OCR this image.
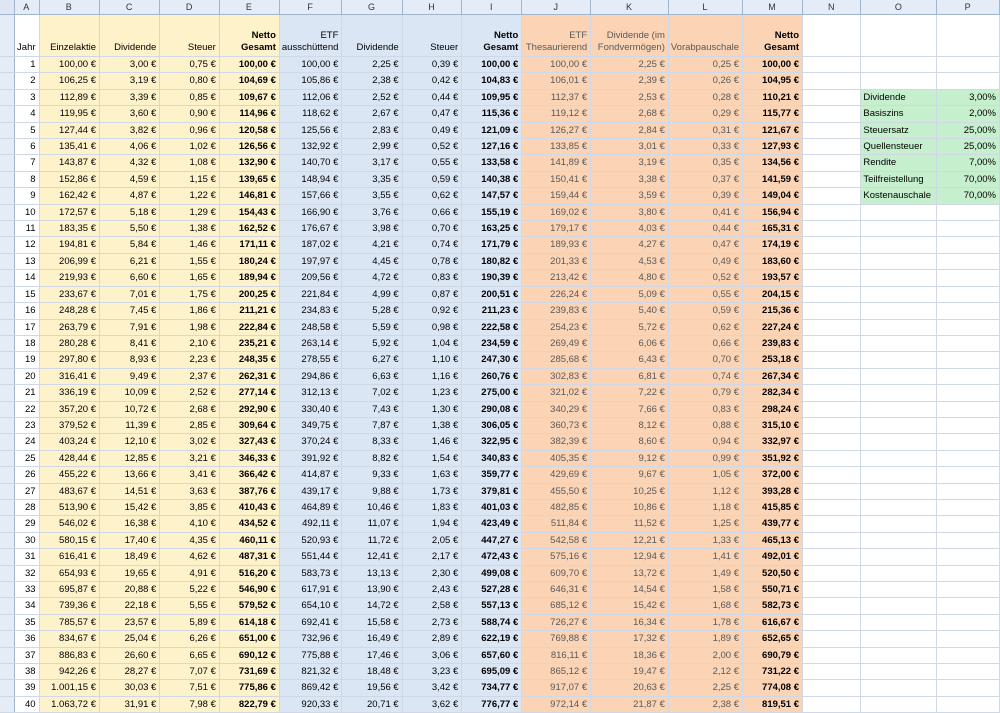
	A	B	C	D	E	F	G	H	I	J	K	L	M	N	O	P
	Jahr	Einzelaktie	Dividende	Steuer	Netto Gesamt	ETF ausschüttend	Dividende	Steuer	Netto Gesamt	ETF Thesaurierend	Dividende (im Fondvermögen)	Vorabpauschale	Netto Gesamt			
	1	100,00 €	3,00 €	0,75 €	100,00 €	100,00 €	2,25 €	0,39 €	100,00 €	100,00 €	2,25 €	0,25 €	100,00 €			
	2	106,25 €	3,19 €	0,80 €	104,69 €	105,86 €	2,38 €	0,42 €	104,83 €	106,01 €	2,39 €	0,26 €	104,95 €			
	3	112,89 €	3,39 €	0,85 €	109,67 €	112,06 €	2,52 €	0,44 €	109,95 €	112,37 €	2,53 €	0,28 €	110,21 €		Dividende	3,00%
	4	119,95 €	3,60 €	0,90 €	114,96 €	118,62 €	2,67 €	0,47 €	115,36 €	119,12 €	2,68 €	0,29 €	115,77 €		Basiszins	2,00%
	5	127,44 €	3,82 €	0,96 €	120,58 €	125,56 €	2,83 €	0,49 €	121,09 €	126,27 €	2,84 €	0,31 €	121,67 €		Steuersatz	25,00%
	6	135,41 €	4,06 €	1,02 €	126,56 €	132,92 €	2,99 €	0,52 €	127,16 €	133,85 €	3,01 €	0,33 €	127,93 €		Quellensteuer	25,00%
	7	143,87 €	4,32 €	1,08 €	132,90 €	140,70 €	3,17 €	0,55 €	133,58 €	141,89 €	3,19 €	0,35 €	134,56 €		Rendite	7,00%
	8	152,86 €	4,59 €	1,15 €	139,65 €	148,94 €	3,35 €	0,59 €	140,38 €	150,41 €	3,38 €	0,37 €	141,59 €		Teilfreistellung	70,00%
	9	162,42 €	4,87 €	1,22 €	146,81 €	157,66 €	3,55 €	0,62 €	147,57 €	159,44 €	3,59 €	0,39 €	149,04 €		Kostenauschale	70,00%
	10	172,57 €	5,18 €	1,29 €	154,43 €	166,90 €	3,76 €	0,66 €	155,19 €	169,02 €	3,80 €	0,41 €	156,94 €			
	11	183,35 €	5,50 €	1,38 €	162,52 €	176,67 €	3,98 €	0,70 €	163,25 €	179,17 €	4,03 €	0,44 €	165,31 €			
	12	194,81 €	5,84 €	1,46 €	171,11 €	187,02 €	4,21 €	0,74 €	171,79 €	189,93 €	4,27 €	0,47 €	174,19 €			
	13	206,99 €	6,21 €	1,55 €	180,24 €	197,97 €	4,45 €	0,78 €	180,82 €	201,33 €	4,53 €	0,49 €	183,60 €			
	14	219,93 €	6,60 €	1,65 €	189,94 €	209,56 €	4,72 €	0,83 €	190,39 €	213,42 €	4,80 €	0,52 €	193,57 €			
	15	233,67 €	7,01 €	1,75 €	200,25 €	221,84 €	4,99 €	0,87 €	200,51 €	226,24 €	5,09 €	0,55 €	204,15 €			
	16	248,28 €	7,45 €	1,86 €	211,21 €	234,83 €	5,28 €	0,92 €	211,23 €	239,83 €	5,40 €	0,59 €	215,36 €			
	17	263,79 €	7,91 €	1,98 €	222,84 €	248,58 €	5,59 €	0,98 €	222,58 €	254,23 €	5,72 €	0,62 €	227,24 €			
	18	280,28 €	8,41 €	2,10 €	235,21 €	263,14 €	5,92 €	1,04 €	234,59 €	269,49 €	6,06 €	0,66 €	239,83 €			
	19	297,80 €	8,93 €	2,23 €	248,35 €	278,55 €	6,27 €	1,10 €	247,30 €	285,68 €	6,43 €	0,70 €	253,18 €			
	20	316,41 €	9,49 €	2,37 €	262,31 €	294,86 €	6,63 €	1,16 €	260,76 €	302,83 €	6,81 €	0,74 €	267,34 €			
	21	336,19 €	10,09 €	2,52 €	277,14 €	312,13 €	7,02 €	1,23 €	275,00 €	321,02 €	7,22 €	0,79 €	282,34 €			
	22	357,20 €	10,72 €	2,68 €	292,90 €	330,40 €	7,43 €	1,30 €	290,08 €	340,29 €	7,66 €	0,83 €	298,24 €			
	23	379,52 €	11,39 €	2,85 €	309,64 €	349,75 €	7,87 €	1,38 €	306,05 €	360,73 €	8,12 €	0,88 €	315,10 €			
	24	403,24 €	12,10 €	3,02 €	327,43 €	370,24 €	8,33 €	1,46 €	322,95 €	382,39 €	8,60 €	0,94 €	332,97 €			
	25	428,44 €	12,85 €	3,21 €	346,33 €	391,92 €	8,82 €	1,54 €	340,83 €	405,35 €	9,12 €	0,99 €	351,92 €			
	26	455,22 €	13,66 €	3,41 €	366,42 €	414,87 €	9,33 €	1,63 €	359,77 €	429,69 €	9,67 €	1,05 €	372,00 €			
	27	483,67 €	14,51 €	3,63 €	387,76 €	439,17 €	9,88 €	1,73 €	379,81 €	455,50 €	10,25 €	1,12 €	393,28 €			
	28	513,90 €	15,42 €	3,85 €	410,43 €	464,89 €	10,46 €	1,83 €	401,03 €	482,85 €	10,86 €	1,18 €	415,85 €			
	29	546,02 €	16,38 €	4,10 €	434,52 €	492,11 €	11,07 €	1,94 €	423,49 €	511,84 €	11,52 €	1,25 €	439,77 €			
	30	580,15 €	17,40 €	4,35 €	460,11 €	520,93 €	11,72 €	2,05 €	447,27 €	542,58 €	12,21 €	1,33 €	465,13 €			
	31	616,41 €	18,49 €	4,62 €	487,31 €	551,44 €	12,41 €	2,17 €	472,43 €	575,16 €	12,94 €	1,41 €	492,01 €			
	32	654,93 €	19,65 €	4,91 €	516,20 €	583,73 €	13,13 €	2,30 €	499,08 €	609,70 €	13,72 €	1,49 €	520,50 €			
	33	695,87 €	20,88 €	5,22 €	546,90 €	617,91 €	13,90 €	2,43 €	527,28 €	646,31 €	14,54 €	1,58 €	550,71 €			
	34	739,36 €	22,18 €	5,55 €	579,52 €	654,10 €	14,72 €	2,58 €	557,13 €	685,12 €	15,42 €	1,68 €	582,73 €			
	35	785,57 €	23,57 €	5,89 €	614,18 €	692,41 €	15,58 €	2,73 €	588,74 €	726,27 €	16,34 €	1,78 €	616,67 €			
	36	834,67 €	25,04 €	6,26 €	651,00 €	732,96 €	16,49 €	2,89 €	622,19 €	769,88 €	17,32 €	1,89 €	652,65 €			
	37	886,83 €	26,60 €	6,65 €	690,12 €	775,88 €	17,46 €	3,06 €	657,60 €	816,11 €	18,36 €	2,00 €	690,79 €			
	38	942,26 €	28,27 €	7,07 €	731,69 €	821,32 €	18,48 €	3,23 €	695,09 €	865,12 €	19,47 €	2,12 €	731,22 €			
	39	1.001,15 €	30,03 €	7,51 €	775,86 €	869,42 €	19,56 €	3,42 €	734,77 €	917,07 €	20,63 €	2,25 €	774,08 €			
	40	1.063,72 €	31,91 €	7,98 €	822,79 €	920,33 €	20,71 €	3,62 €	776,77 €	972,14 €	21,87 €	2,38 €	819,51 €			
